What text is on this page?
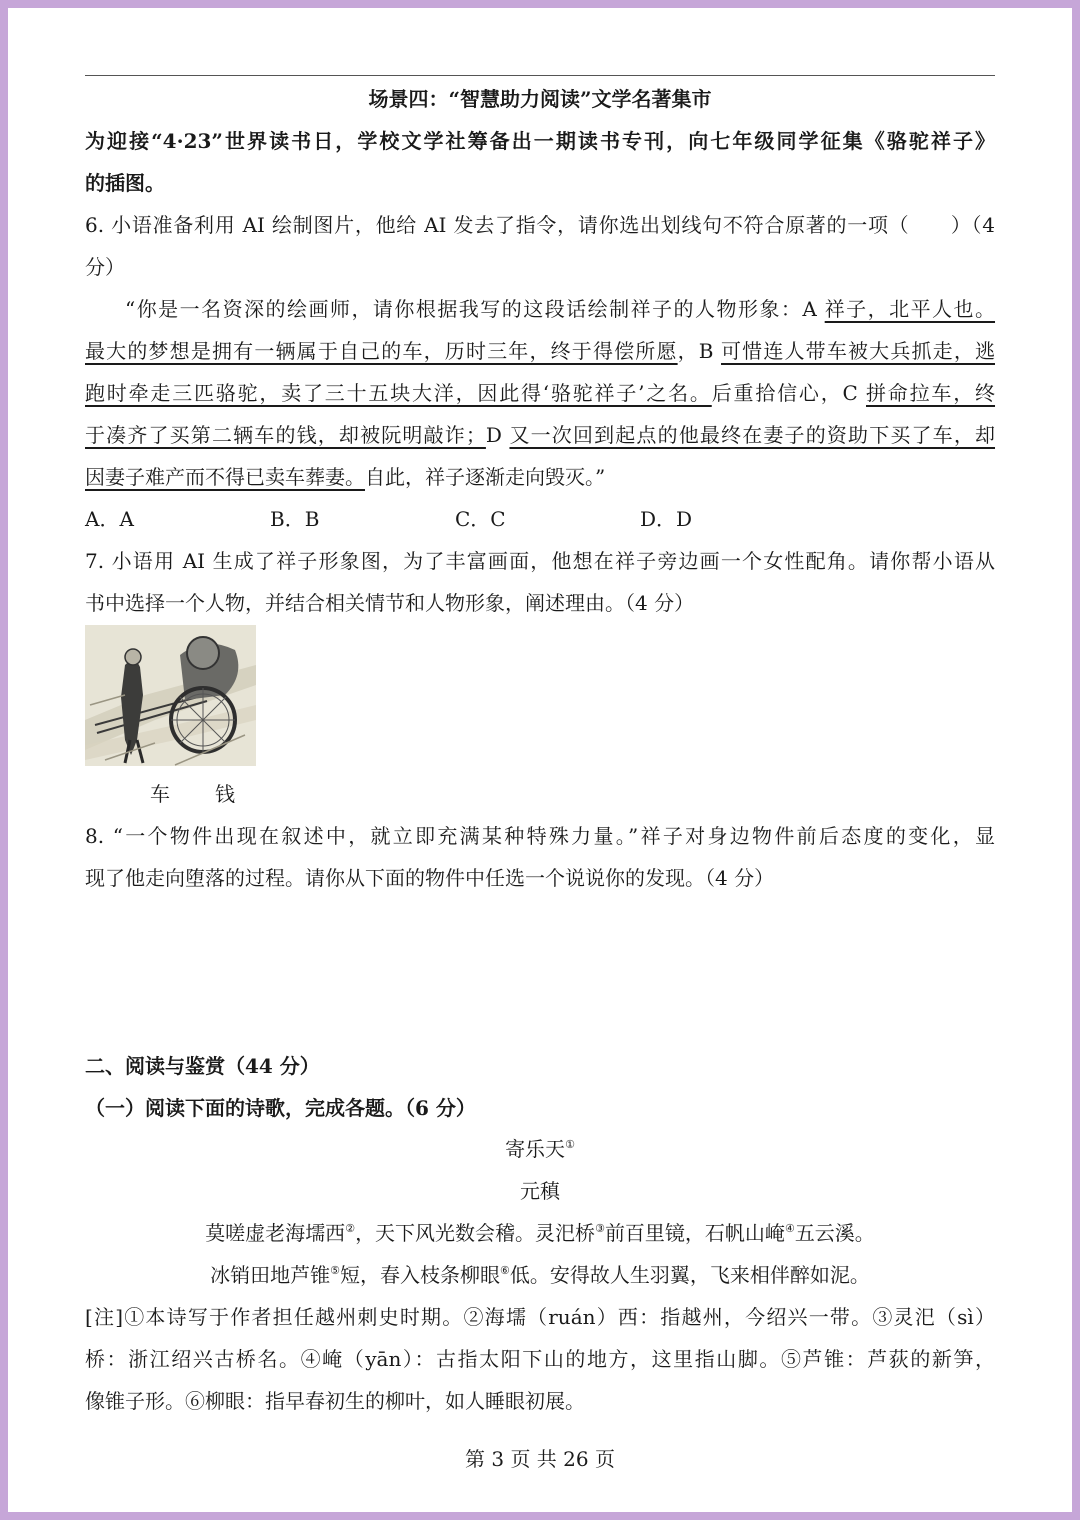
场景四：“智慧助力阅读”文学名著集市
为迎接“4·23”世界读书日，学校文学社筹备出一期读书专刊，向七年级同学征集《骆驼祥子》
的插图。
6. 小语准备利用 AI 绘制图片，他给 AI 发去了指令，请你选出划线句不符合原著的一项（　　）（4
分）
“你是一名资深的绘画师，请你根据我写的这段话绘制祥子的人物形象：A 祥子，北平人也。
最大的梦想是拥有一辆属于自己的车，历时三年，终于得偿所愿，B 可惜连人带车被大兵抓走，逃
跑时牵走三匹骆驼，卖了三十五块大洋，因此得‘骆驼祥子’之名。后重拾信心，C 拼命拉车，终
于凑齐了买第二辆车的钱，却被阮明敲诈；D 又一次回到起点的他最终在妻子的资助下买了车，却
因妻子难产而不得已卖车葬妻。自此，祥子逐渐走向毁灭。”
A．A	B．B	C．C	D．D
7. 小语用 AI 生成了祥子形象图，为了丰富画面，他想在祥子旁边画一个女性配角。请你帮小语从
书中选择一个人物，并结合相关情节和人物形象，阐述理由。（4 分）
车 钱
8. “一个物件出现在叙述中，就立即充满某种特殊力量。”祥子对身边物件前后态度的变化，显
现了他走向堕落的过程。请你从下面的物件中任选一个说说你的发现。（4 分）
二、阅读与鉴赏（44 分）
（一）阅读下面的诗歌，完成各题。（6 分）
寄乐天①
元稹
莫嗟虚老海壖西②，天下风光数会稽。灵汜桥③前百里镜，石帆山崦④五云溪。
冰销田地芦锥⑤短，春入枝条柳眼⑥低。安得故人生羽翼，飞来相伴醉如泥。
[注]①本诗写于作者担任越州刺史时期。②海壖（ruán）西：指越州，今绍兴一带。③灵汜（sì）
桥：浙江绍兴古桥名。④崦（yān）：古指太阳下山的地方，这里指山脚。⑤芦锥：芦荻的新笋，
像锥子形。⑥柳眼：指早春初生的柳叶，如人睡眼初展。
第 3 页 共 26 页
